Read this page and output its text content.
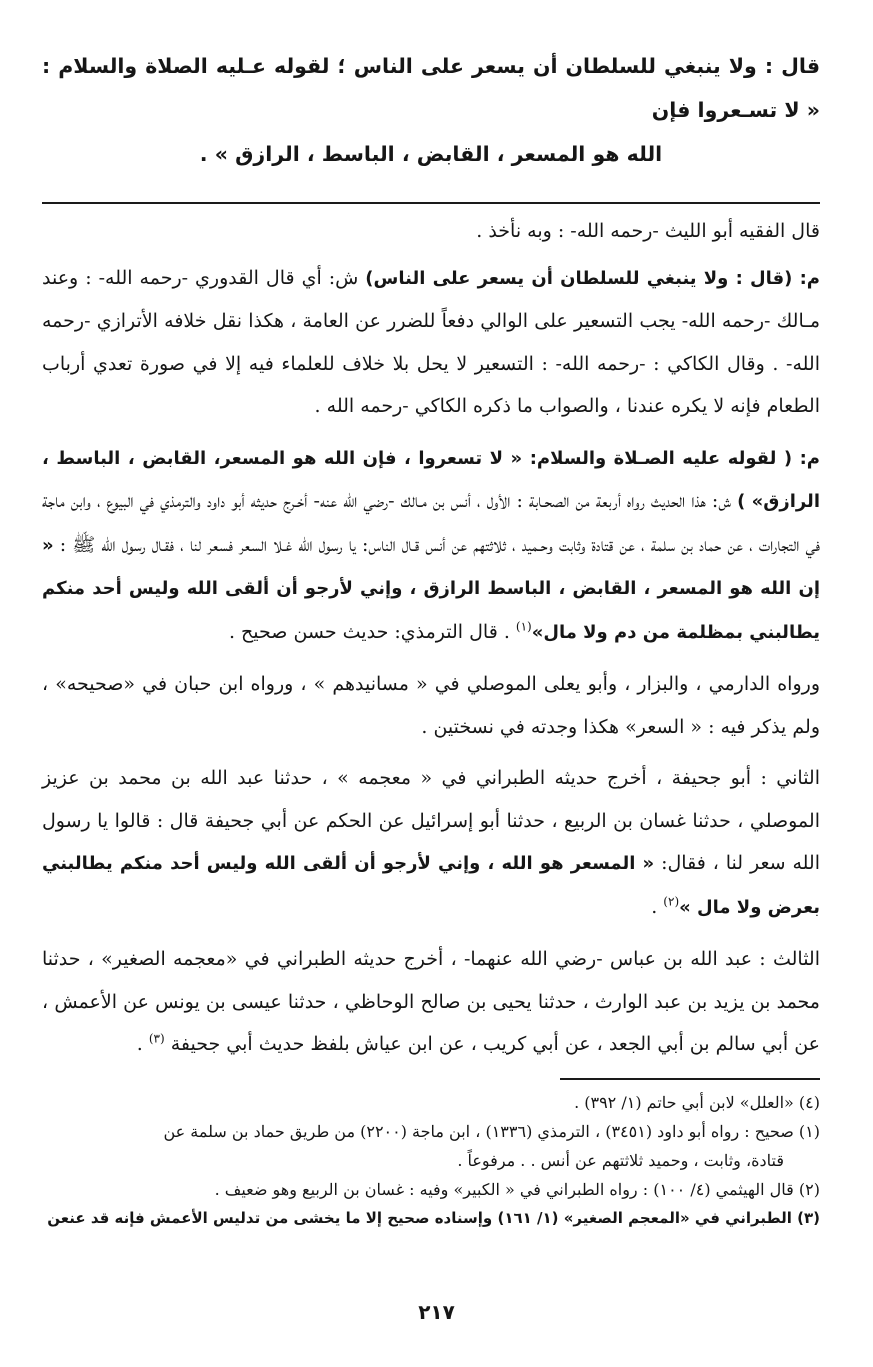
قال : ولا ينبغي للسلطان أن يسعر على الناس ؛ لقوله عـليه الصلاة والسلام : « لا تسـعروا فإن
الله هو المسعر ، القابض ، الباسط ، الرازق » .

قال الفقيه أبو الليث -رحمه الله- : وبه نأخذ .

م: (قال : ولا ينبغي للسلطان أن يسعر على الناس) ش: أي قال القدوري -رحمه الله- : وعند مـالك -رحمه الله- يجب التسعير على الوالي دفعاً للضرر عن العامة ، هكذا نقل خلافه الأترازي -رحمه الله- . وقال الكاكي : -رحمه الله- : التسعير لا يحل بلا خلاف للعلماء فيه إلا في صورة تعدي أرباب الطعام فإنه لا يكره عندنا ، والصواب ما ذكره الكاكي -رحمه الله .

م: ( لقوله عليه الصـلاة والسلام: « لا تسعروا ، فإن الله هو المسعر، القابض ، الباسط ، الرازق» ) ش: هذا الحديث رواه أربعة من الصحـابة : الأول ، أنس بن مـالك -رضي الله عنه- أخـرج حديثه أبو داود والترمذي في البيوع ، وابن ماجة في التجارات ، عن حماد بن سلمة ، عن قتادة وثابت وحـميد ، ثلاثتهم عن أنس قـال الناس: يا رسول الله غـلا السعر فسعر لنا ، فقـال رسول الله ﷺ : « إن الله هو المسعر ، القابض ، الباسط الرازق ، وإني لأرجو أن ألقى الله وليس أحد منكم يطالبني بمظلمة من دم ولا مال»$^{(١)}$ . قال الترمذي: حديث حسن صحيح .

ورواه الدارمي ، والبزار ، وأبو يعلى الموصلي في « مسانيدهم » ، ورواه ابن حبان في «صحيحه» ، ولم يذكر فيه : « السعر» هكذا وجدته في نسختين .

الثاني : أبو جحيفة ، أخرج حديثه الطبراني في « معجمه » ، حدثنا عبد الله بن محمد بن عزيز الموصلي ، حدثنا غسان بن الربيع ، حدثنا أبو إسرائيل عن الحكم عن أبي جحيفة قال : قالوا يا رسول الله سعر لنا ، فقال: « المسعر هو الله ، وإني لأرجو أن ألقى الله وليس أحد منكم يطالبني بعرض ولا مال »$^{(٢)}$ .

الثالث : عبد الله بن عباس -رضي الله عنهما- ، أخرج حديثه الطبراني في «معجمه الصغير» ، حدثنا محمد بن يزيد بن عبد الوارث ، حدثنا يحيى بن صالح الوحاظي ، حدثنا عيسى بن يونس عن الأعمش ، عن أبي سالم بن أبي الجعد ، عن أبي كريب ، عن ابن عياش بلفظ حديث أبي جحيفة $^{(٣)}$ .

(٤) «العلل» لابن أبي حاتم (١/ ٣٩٢) .

(١) صحيح : رواه أبو داود (٣٤٥١) ، الترمذي (١٣٣٦) ، ابن ماجة (٢٢٠٠) من طريق حماد بن سلمة عن

قتادة، وثابت ، وحميد ثلاثتهم عن أنس . . مرفوعاً .

(٢) قال الهيثمي (٤/ ١٠٠) : رواه الطبراني في « الكبير» وفيه : غسان بن الربيع وهو ضعيف .

(٣) الطبراني في «المعجم الصغير» (١/ ١٦١) وإسناده صحيح إلا ما يخشى من تدليس الأعمش فإنه قد عنعن

٢١٧
